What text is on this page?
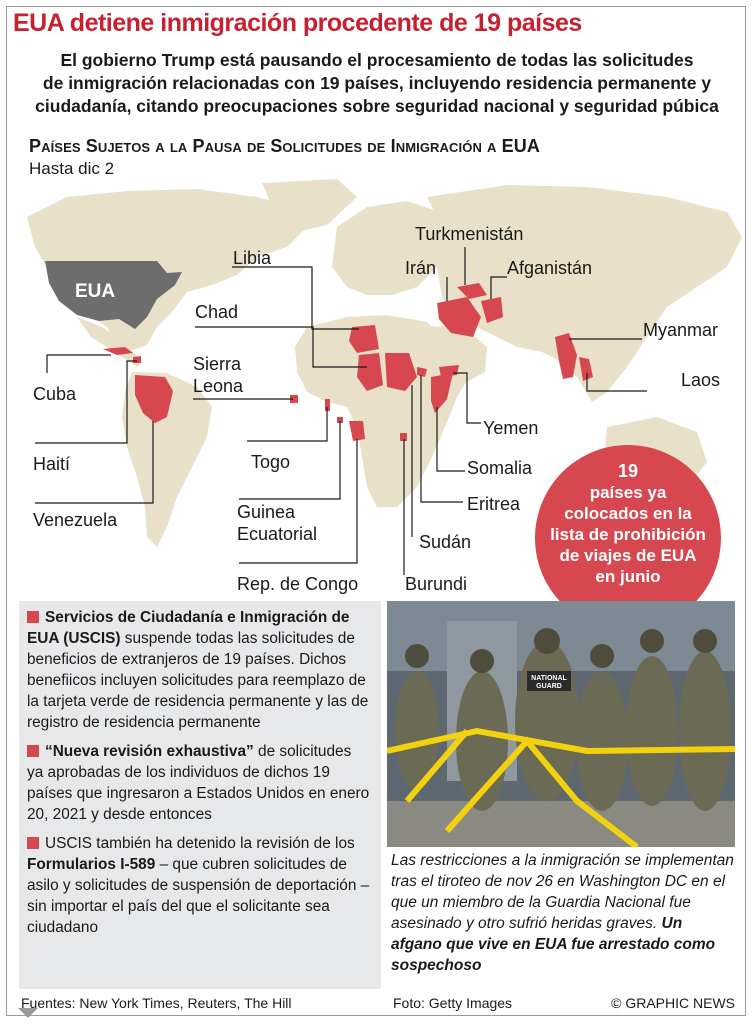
EUA detiene inmigración procedente de 19 países
El gobierno Trump está pausando el procesamiento de todas las solicitudes
de inmigración relacionadas con 19 países, incluyendo residencia permanente y
ciudadanía, citando preocupaciones sobre seguridad nacional y seguridad púbica
Países Sujetos a la Pausa de Solicitudes de Inmigración a EUA
Hasta dic 2
EUA
Cuba
Haití
Venezuela
Libia
Chad
Sierra
Leona
Togo
Guinea
Ecuatorial
Rep. de Congo	Burundi
Sudán
Eritrea
Somalia
Yemen
Irán
Turkmenistán
Afganistán
Myanmar
Laos
19
países ya
colocados en la
lista de prohibición
de viajes de EUA
en junio
Servicios de Ciudadanía e Inmigración de EUA (USCIS) suspende todas las solicitudes de beneficios de extranjeros de 19 países. Dichos benefiicos incluyen solicitudes para reemplazo de la tarjeta verde de residencia permanente y las de registro de residencia permanente
“Nueva revisión exhaustiva” de solicitudes ya aprobadas de los individuos de dichos 19 países que ingresaron a Estados Unidos en enero 20, 2021 y desde entonces
USCIS también ha detenido la revisión de los Formularios I-589 – que cubren solicitudes de asilo y solicitudes de suspensión de deportación – sin importar el país del que el solicitante sea ciudadano
NATIONAL
GUARD
Las restricciones a la inmigración se implementan tras el tiroteo de nov 26 en Washington DC en el que un miembro de la Guardia Nacional fue asesinado y otro sufrió heridas graves. Un afgano que vive en EUA fue arrestado como sospechoso
Fuentes: New York Times, Reuters, The Hill	Foto: Getty Images	© GRAPHIC NEWS
